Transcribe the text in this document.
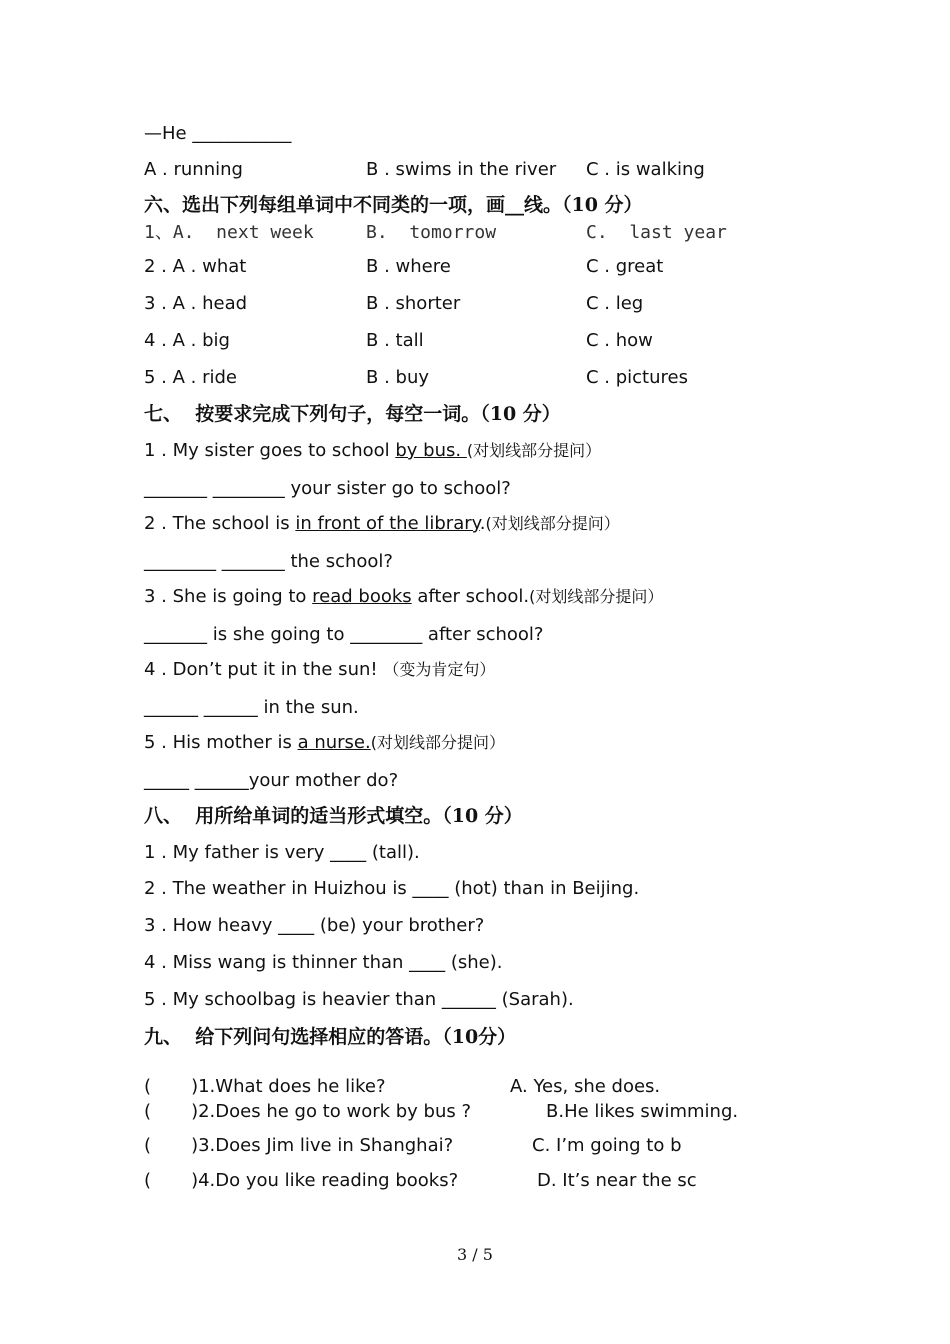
—He ___________
A . running	B . swims in the river C . is walking
六、选出下列每组单词中不同类的一项，画__线。（10 分）
1、A.  next week	B.  tomorrow	C.  last year
2 . A . what	B . where	C . great
3 . A . head	B . shorter	C . leg
4 . A . big	B . tall	C . how
5 . A . ride	B . buy	C . pictures
七、  按要求完成下列句子，每空一词。（10 分）
1 . My sister goes to school by bus. (对划线部分提问）
_______ ________ your sister go to school?
2 . The school is in front of the library.(对划线部分提问）
________ _______ the school?
3 . She is going to read books after school.(对划线部分提问）
_______ is she going to ________ after school?
4 . Don’t put it in the sun! （变为肯定句）
______ ______ in the sun.
5 . His mother is a nurse.(对划线部分提问）
_____ ______your mother do?
八、  用所给单词的适当形式填空。（10 分）
1 . My father is very ____ (tall).
2 . The weather in Huizhou is ____ (hot) than in Beijing.
3 . How heavy ____ (be) your brother?
4 . Miss wang is thinner than ____ (she).
5 . My schoolbag is heavier than ______ (Sarah).
九、  给下列问句选择相应的答语。（10分）
(       )1.What does he like?	A. Yes, she does.
(       )2.Does he go to work by bus ?	B.He likes swimming.
(       )3.Does Jim live in Shanghai?	C. I’m going to b
(       )4.Do you like reading books?	D. It’s near the sc
3 / 5
